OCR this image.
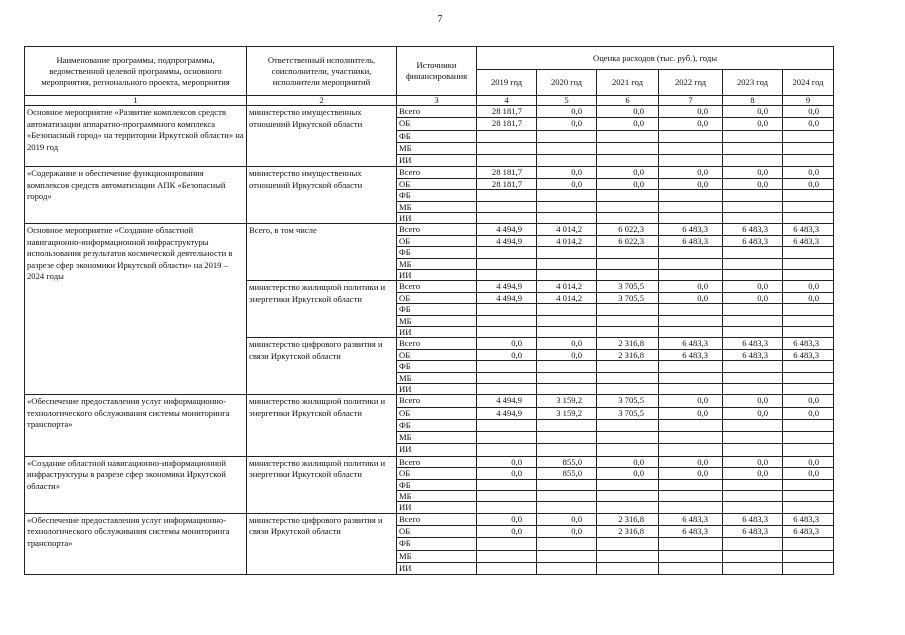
7
Наименование программы, подпрограммы, ведомственной целевой программы, основного мероприятия, регионального проекта, мероприятия	Ответственный исполнитель, соисполнители, участники, исполнители мероприятий	Источники финансирования	Оценка расходов (тыс. руб.), годы					
			2019 год	2020 год	2021 год	2022 год	2023 год	2024 год
1	2	3	4	5	6	7	8	9
Основное мероприятие «Развитие комплексов средств автоматизации аппаратно-программного комплекса «Безопасный город» на территории Иркутской области» на 2019 год	министерство имущественных отношений Иркутской области	Всего	28 181,7	0,0	0,0	0,0	0,0	0,0
		ОБ	28 181,7	0,0	0,0	0,0	0,0	0,0
		ФБ						
		МБ						
		ИИ						
«Содержание и обеспечение функционирования комплексов средств автоматизации АПК «Безопасный город»	министерство имущественных отношений Иркутской области	Всего	28 181,7	0,0	0,0	0,0	0,0	0,0
		ОБ	28 181,7	0,0	0,0	0,0	0,0	0,0
		ФБ						
		МБ						
		ИИ						
Основное мероприятие «Создание областной навигационно-информационной инфраструктуры использования результатов космической деятельности в разрезе сфер экономики Иркутской области» на 2019 – 2024 годы	Всего, в том числе	Всего	4 494,9	4 014,2	6 022,3	6 483,3	6 483,3	6 483,3
		ОБ	4 494,9	4 014,2	6 022,3	6 483,3	6 483,3	6 483,3
		ФБ						
		МБ						
		ИИ						
	министерство жилищной политики и энергетики Иркутской области	Всего	4 494,9	4 014,2	3 705,5	0,0	0,0	0,0
		ОБ	4 494,9	4 014,2	3 705,5	0,0	0,0	0,0
		ФБ						
		МБ						
		ИИ						
	министерство цифрового развития и связи Иркутской области	Всего	0,0	0,0	2 316,8	6 483,3	6 483,3	6 483,3
		ОБ	0,0	0,0	2 316,8	6 483,3	6 483,3	6 483,3
		ФБ						
		МБ						
		ИИ						
«Обеспечение предоставления услуг информационно-технологического обслуживания системы мониторинга транспорта»	министерство жилищной политики и энергетики Иркутской области	Всего	4 494,9	3 159,2	3 705,5	0,0	0,0	0,0
		ОБ	4 494,9	3 159,2	3 705,5	0,0	0,0	0,0
		ФБ						
		МБ						
		ИИ						
«Создание областной навигационно-информационной инфраструктуры в разрезе сфер экономики Иркутской области»	министерство жилищной политики и энергетики Иркутской области	Всего	0,0	855,0	0,0	0,0	0,0	0,0
		ОБ	0,0	855,0	0,0	0,0	0,0	0,0
		ФБ						
		МБ						
		ИИ						
«Обеспечение предоставления услуг информационно-технологического обслуживания системы мониторинга транспорта»	министерство цифрового развития и связи Иркутской области	Всего	0,0	0,0	2 316,8	6 483,3	6 483,3	6 483,3
		ОБ	0,0	0,0	2 316,8	6 483,3	6 483,3	6 483,3
		ФБ						
		МБ						
		ИИ						
